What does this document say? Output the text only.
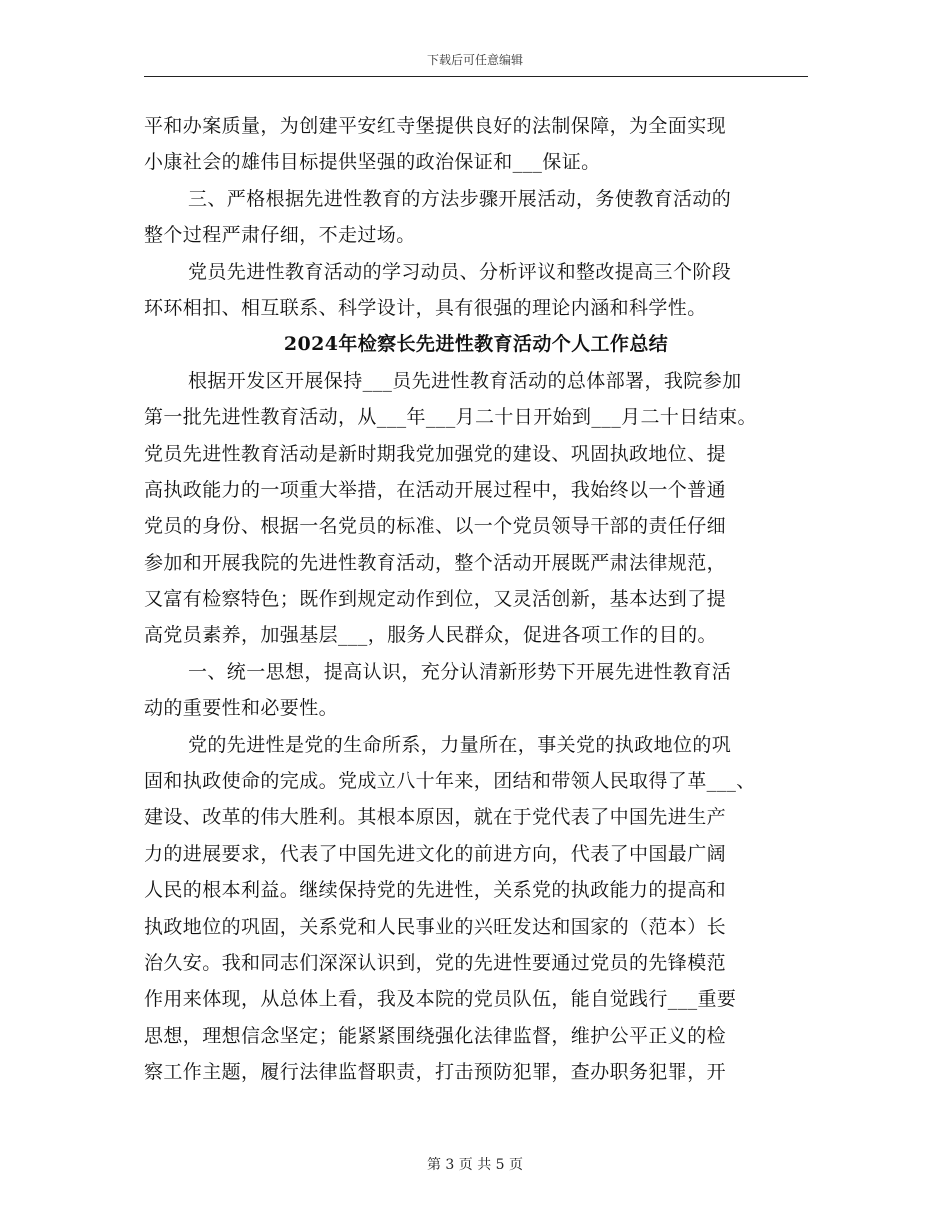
下载后可任意编辑
平和办案质量，为创建平安红寺堡提供良好的法制保障，为全面实现
小康社会的雄伟目标提供坚强的政治保证和___保证。
三、严格根据先进性教育的方法步骤开展活动，务使教育活动的
整个过程严肃仔细，不走过场。
党员先进性教育活动的学习动员、分析评议和整改提高三个阶段
环环相扣、相互联系、科学设计，具有很强的理论内涵和科学性。
2024年检察长先进性教育活动个人工作总结
根据开发区开展保持___员先进性教育活动的总体部署，我院参加
第一批先进性教育活动，从___年___月二十日开始到___月二十日结束。
党员先进性教育活动是新时期我党加强党的建设、巩固执政地位、提
高执政能力的一项重大举措，在活动开展过程中，我始终以一个普通
党员的身份、根据一名党员的标准、以一个党员领导干部的责任仔细
参加和开展我院的先进性教育活动，整个活动开展既严肃法律规范，
又富有检察特色；既作到规定动作到位，又灵活创新，基本达到了提
高党员素养，加强基层___，服务人民群众，促进各项工作的目的。
一、统一思想，提高认识，充分认清新形势下开展先进性教育活
动的重要性和必要性。
党的先进性是党的生命所系，力量所在，事关党的执政地位的巩
固和执政使命的完成。党成立八十年来，团结和带领人民取得了革___、
建设、改革的伟大胜利。其根本原因，就在于党代表了中国先进生产
力的进展要求，代表了中国先进文化的前进方向，代表了中国最广阔
人民的根本利益。继续保持党的先进性，关系党的执政能力的提高和
执政地位的巩固，关系党和人民事业的兴旺发达和国家的（范本）长
治久安。我和同志们深深认识到，党的先进性要通过党员的先锋模范
作用来体现，从总体上看，我及本院的党员队伍，能自觉践行___重要
思想，理想信念坚定；能紧紧围绕强化法律监督，维护公平正义的检
察工作主题，履行法律监督职责，打击预防犯罪，查办职务犯罪，开
第 3 页 共 5 页
